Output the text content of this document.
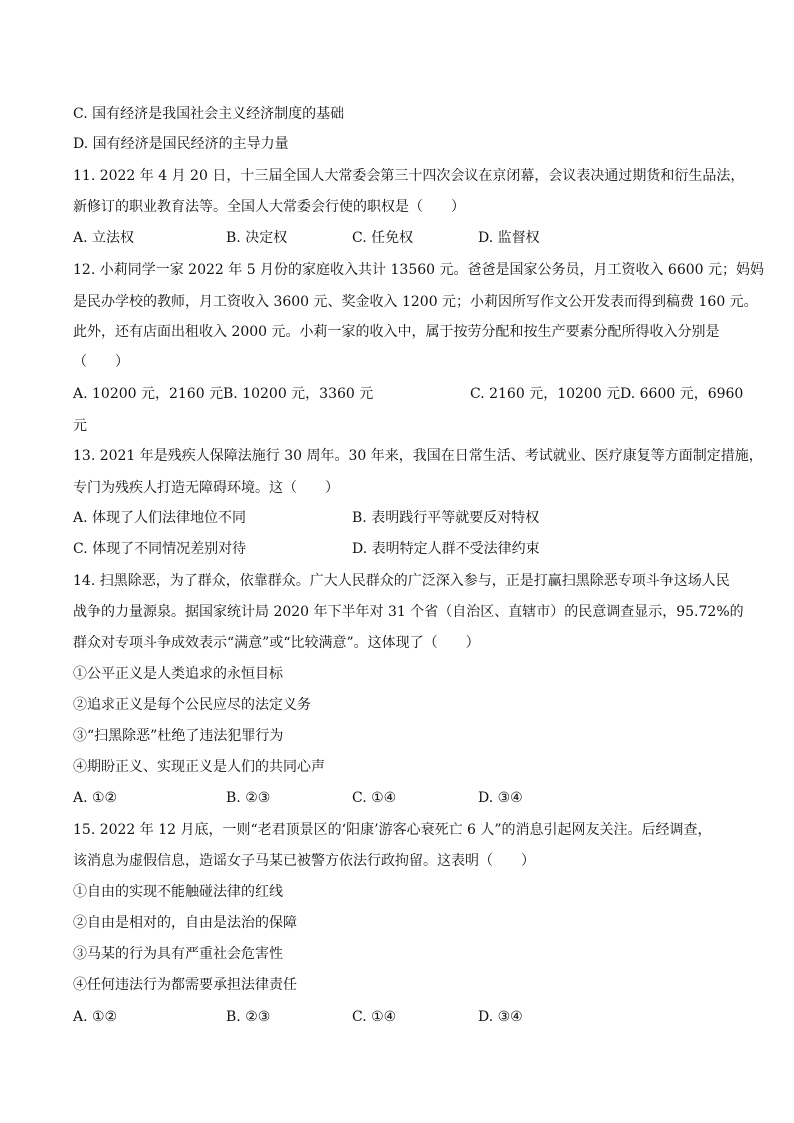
C. 国有经济是我国社会主义经济制度的基础
D. 国有经济是国民经济的主导力量
11. 2022 年 4 月 20 日，十三届全国人大常委会第三十四次会议在京闭幕，会议表决通过期货和衍生品法，
新修订的职业教育法等。全国人大常委会行使的职权是（　　）
A. 立法权	B. 决定权	C. 任免权	D. 监督权
12. 小莉同学一家 2022 年 5 月份的家庭收入共计 13560 元。爸爸是国家公务员，月工资收入 6600 元；妈妈
是民办学校的教师，月工资收入 3600 元、奖金收入 1200 元；小莉因所写作文公开发表而得到稿费 160 元。
此外，还有店面出租收入 2000 元。小莉一家的收入中，属于按劳分配和按生产要素分配所得收入分别是
（　　）
A. 10200 元，2160 元 B. 10200 元，3360 元	C. 2160 元，10200 元 D. 6600 元，6960
元
13. 2021 年是残疾人保障法施行 30 周年。30 年来，我国在日常生活、考试就业、医疗康复等方面制定措施，
专门为残疾人打造无障碍环境。这（　　）
A. 体现了人们法律地位不同	B. 表明践行平等就要反对特权
C. 体现了不同情况差别对待	D. 表明特定人群不受法律约束
14. 扫黑除恶，为了群众，依靠群众。广大人民群众的广泛深入参与，正是打赢扫黑除恶专项斗争这场人民
战争的力量源泉。据国家统计局 2020 年下半年对 31 个省（自治区、直辖市）的民意调查显示，95.72%的
群众对专项斗争成效表示“满意”或“比较满意”。这体现了（　　）
①公平正义是人类追求的永恒目标
②追求正义是每个公民应尽的法定义务
③“扫黑除恶”杜绝了违法犯罪行为
④期盼正义、实现正义是人们的共同心声
A. ①②	B. ②③	C. ①④	D. ③④
15. 2022 年 12 月底，一则“老君顶景区的‘阳康’游客心衰死亡 6 人”的消息引起网友关注。后经调查，
该消息为虚假信息，造谣女子马某已被警方依法行政拘留。这表明（　　）
①自由的实现不能触碰法律的红线
②自由是相对的，自由是法治的保障
③马某的行为具有严重社会危害性
④任何违法行为都需要承担法律责任
A. ①②	B. ②③	C. ①④	D. ③④
